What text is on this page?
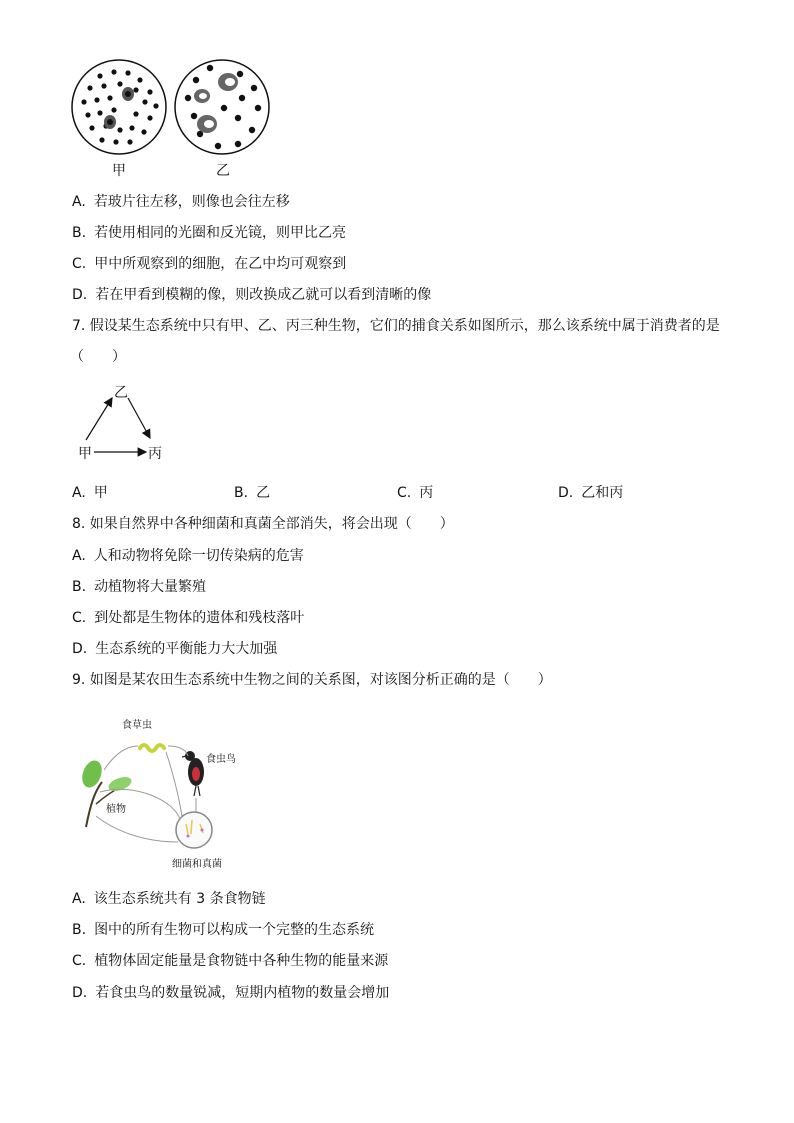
甲	乙
A. 若玻片往左移，则像也会往左移
B. 若使用相同的光圈和反光镜，则甲比乙亮
C. 甲中所观察到的细胞，在乙中均可观察到
D. 若在甲看到模糊的像，则改换成乙就可以看到清晰的像
7. 假设某生态系统中只有甲、乙、丙三种生物，它们的捕食关系如图所示，那么该系统中属于消费者的是
（　　）
乙
甲	丙
A. 甲	B. 乙	C. 丙	D. 乙和丙
8. 如果自然界中各种细菌和真菌全部消失，将会出现（　　）
A. 人和动物将免除一切传染病的危害
B. 动植物将大量繁殖
C. 到处都是生物体的遗体和残枝落叶
D. 生态系统的平衡能力大大加强
9. 如图是某农田生态系统中生物之间的关系图，对该图分析正确的是（　　）
食草虫
食虫鸟
植物
细菌和真菌
A. 该生态系统共有 3 条食物链
B. 图中的所有生物可以构成一个完整的生态系统
C. 植物体固定能量是食物链中各种生物的能量来源
D. 若食虫鸟的数量锐减，短期内植物的数量会增加
